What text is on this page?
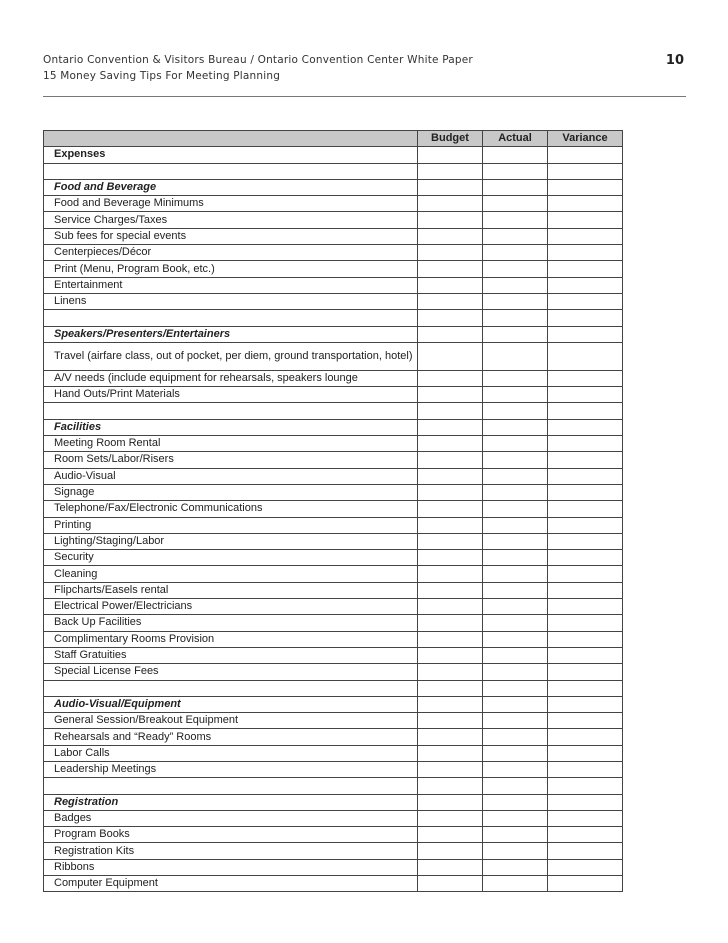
Ontario Convention & Visitors Bureau / Ontario Convention Center White Paper
15 Money Saving Tips For Meeting Planning
10
	Budget	Actual	Variance
Expenses			

Food and Beverage			
Food and Beverage Minimums			
Service Charges/Taxes			
Sub fees for special events			
Centerpieces/Décor			
Print (Menu, Program Book, etc.)			
Entertainment			
Linens			

Speakers/Presenters/Entertainers			
Travel (airfare class, out of pocket, per diem, ground transportation, hotel)			
A/V needs (include equipment for rehearsals, speakers lounge			
Hand Outs/Print Materials			

Facilities			
Meeting Room Rental			
Room Sets/Labor/Risers			
Audio-Visual			
Signage			
Telephone/Fax/Electronic Communications			
Printing			
Lighting/Staging/Labor			
Security			
Cleaning			
Flipcharts/Easels rental			
Electrical Power/Electricians			
Back Up Facilities			
Complimentary Rooms Provision			
Staff Gratuities			
Special License Fees			

Audio-Visual/Equipment			
General Session/Breakout Equipment			
Rehearsals and “Ready” Rooms			
Labor Calls			
Leadership Meetings			

Registration			
Badges			
Program Books			
Registration Kits			
Ribbons			
Computer Equipment			
